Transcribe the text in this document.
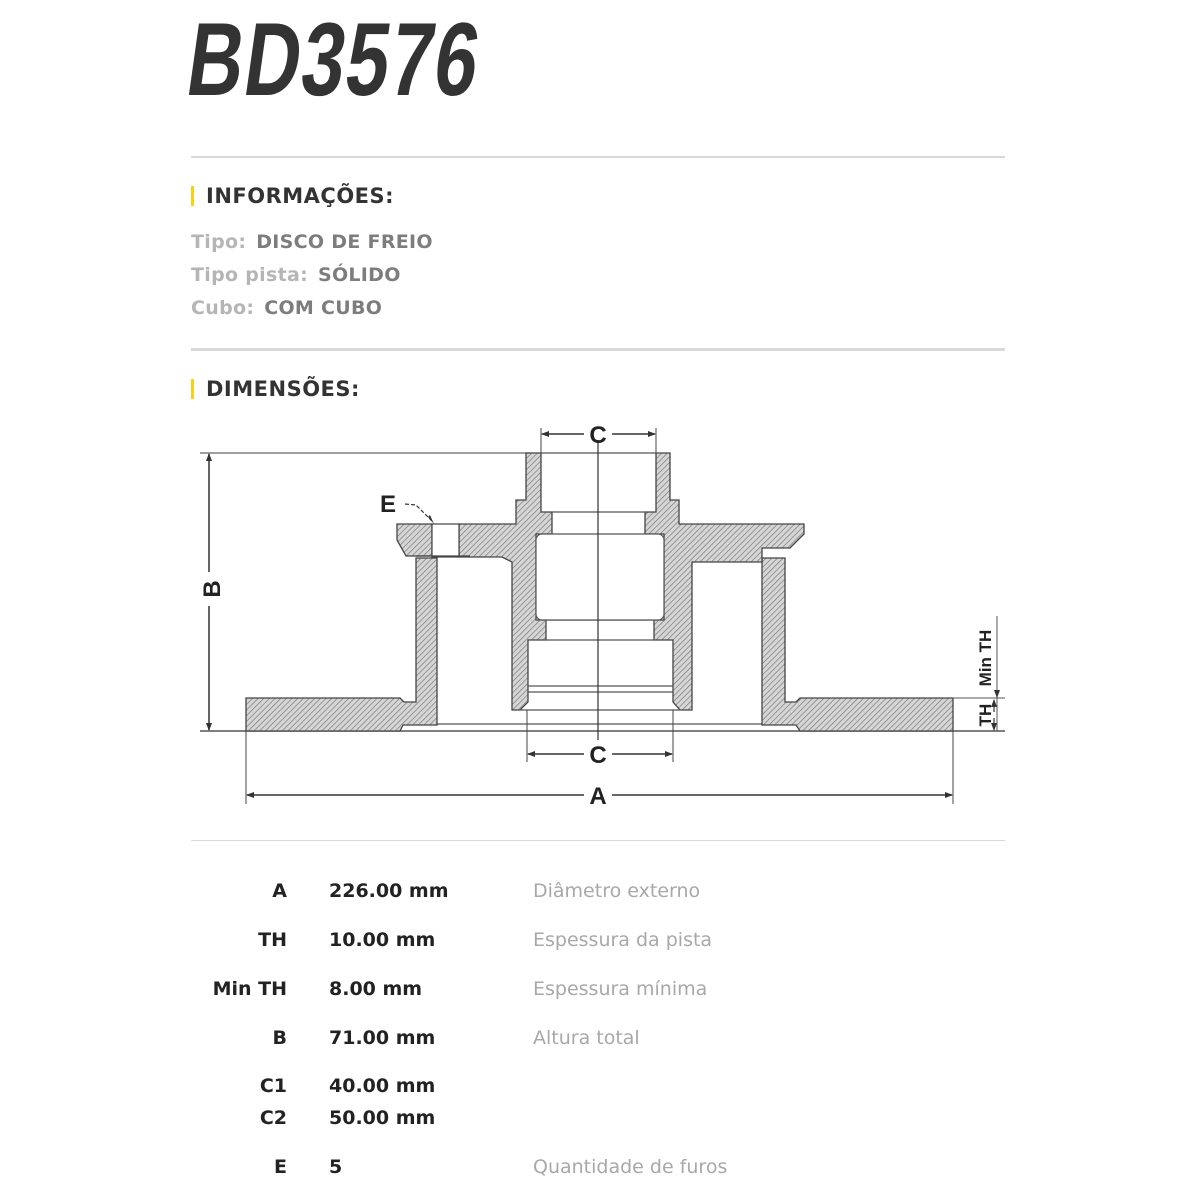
BD3576
INFORMAÇÕES:
Tipo: DISCO DE FREIO
Tipo pista: SÓLIDO
Cubo: COM CUBO
DIMENSÕES:
C
C
A
B
E
TH
Min TH
A 226.00 mm	Diâmetro externo
TH 10.00 mm	Espessura da pista
Min TH 8.00 mm	Espessura mínima
B 71.00 mm	Altura total
C1 40.00 mm
C2 50.00 mm
E 5	Quantidade de furos
